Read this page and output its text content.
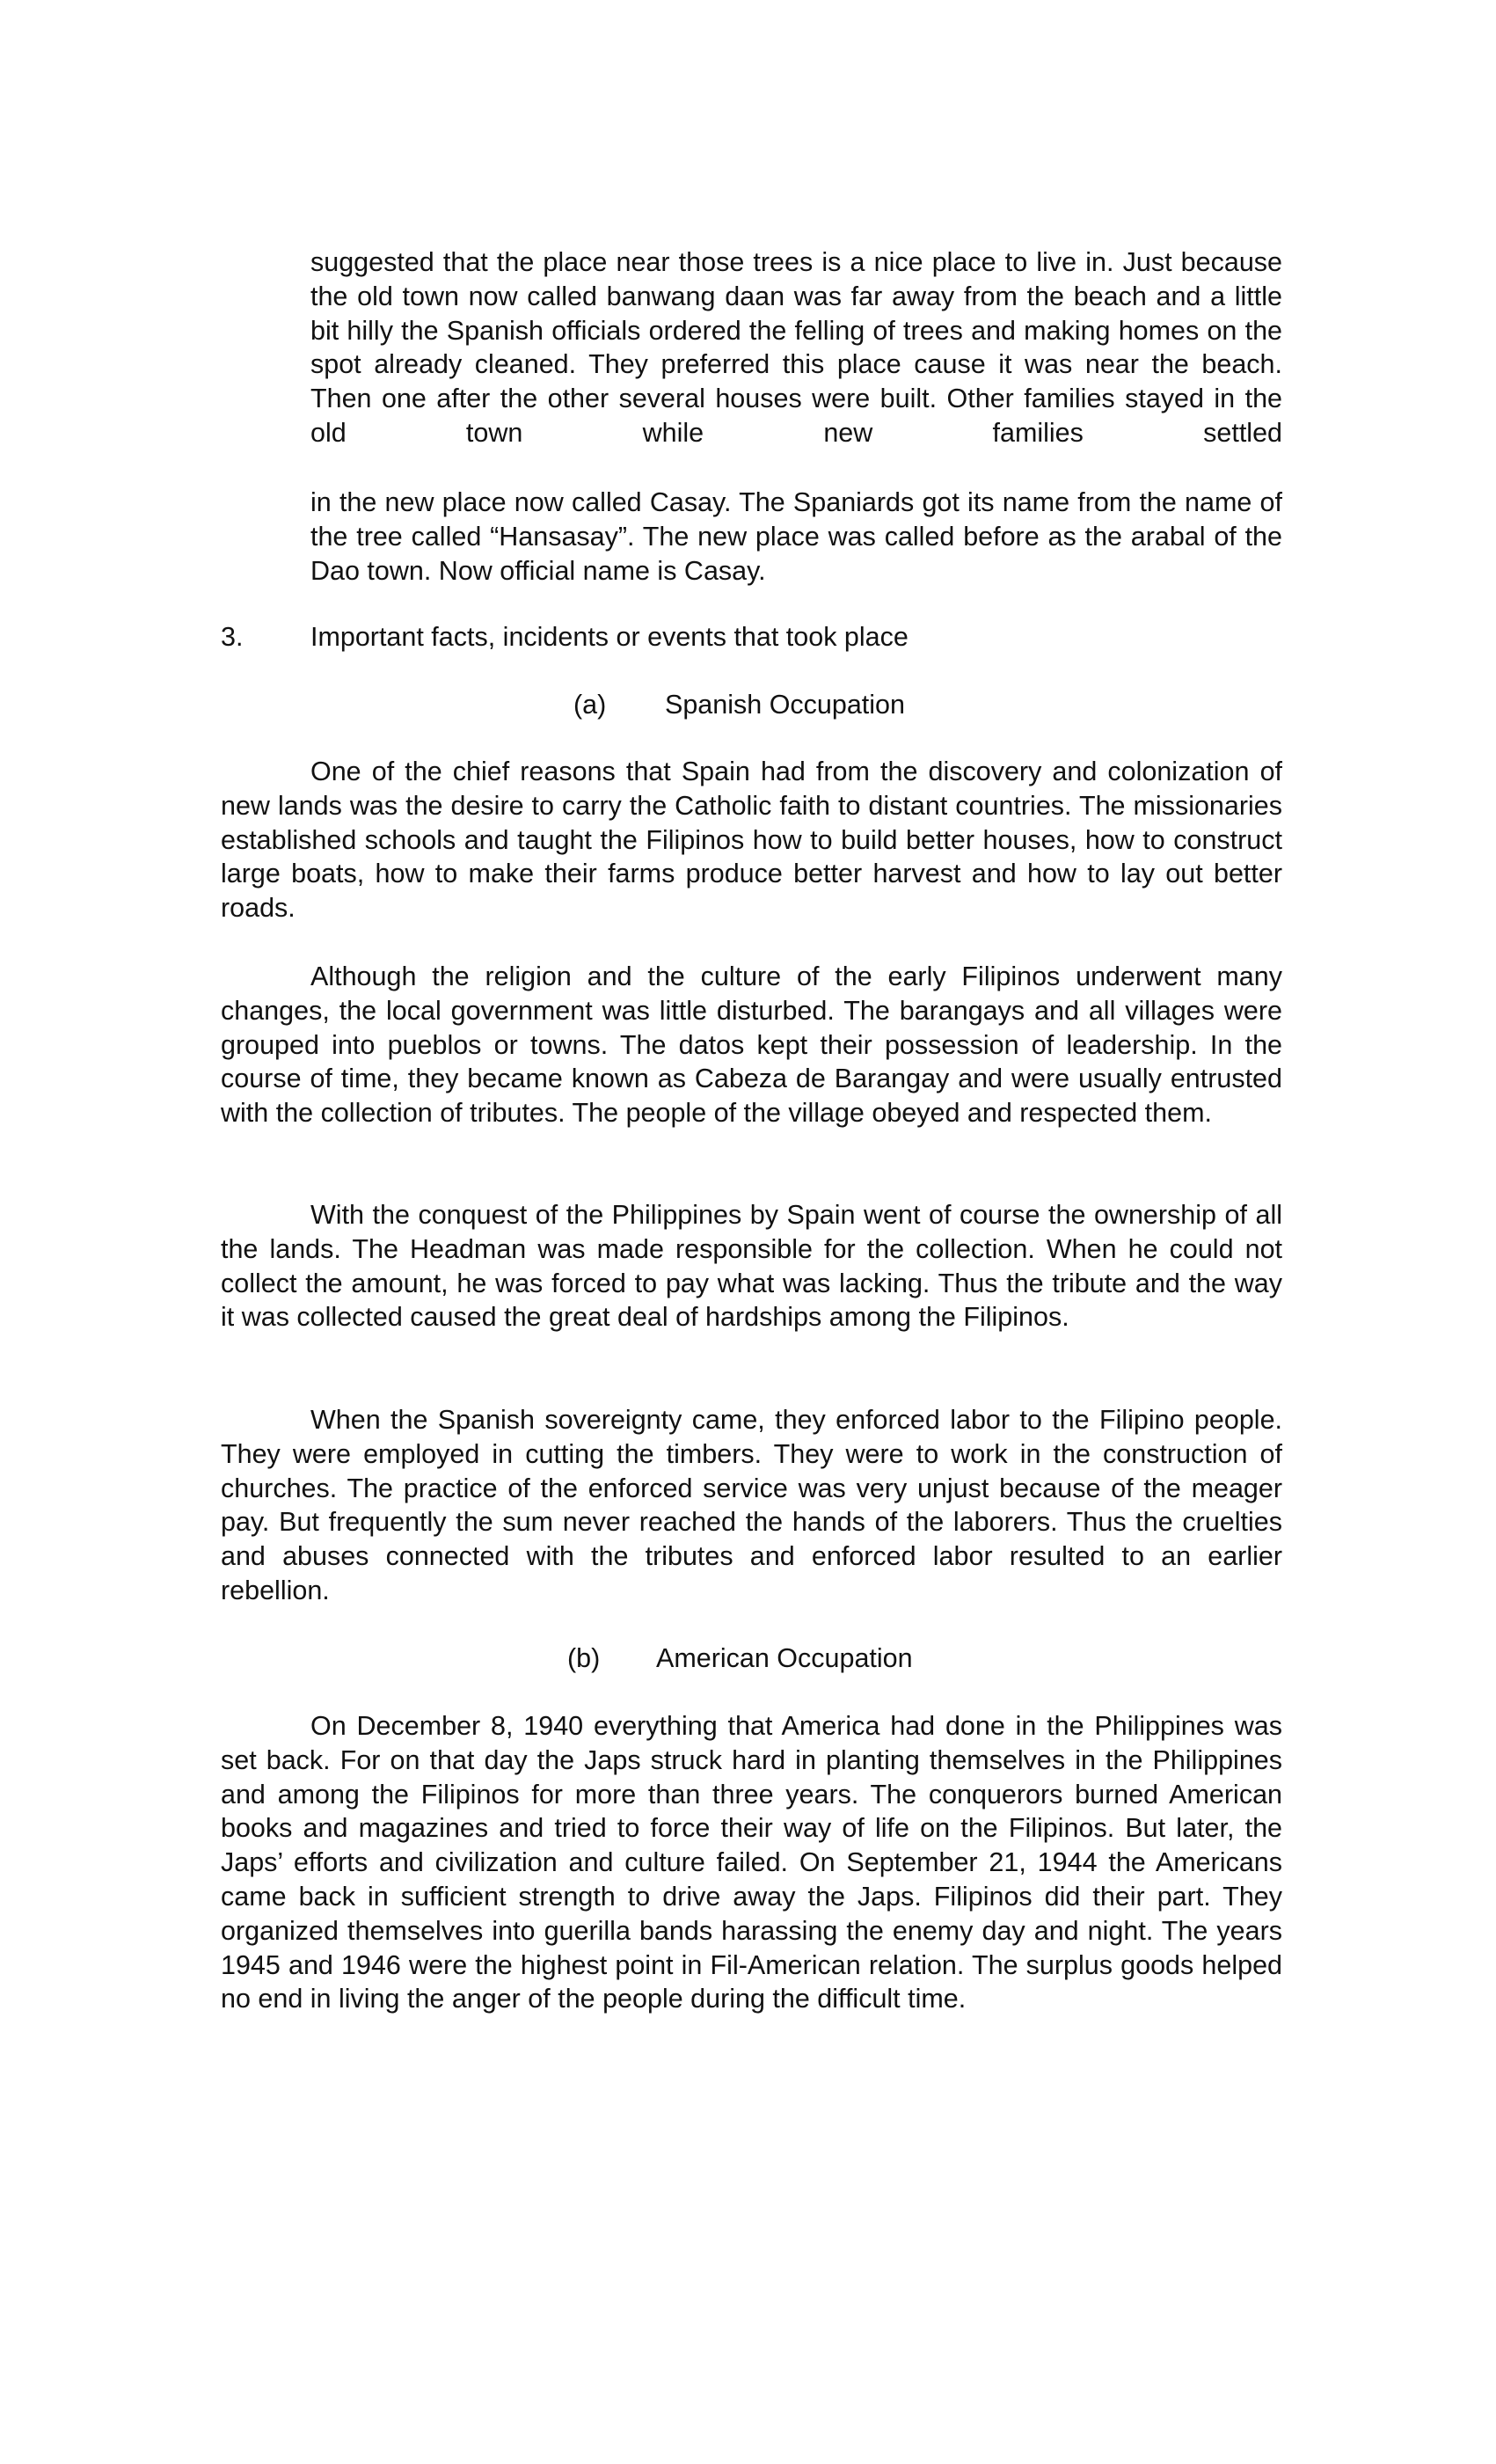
suggested that the place near those trees is a nice place to live in. Just because the old town now called banwang daan was far away from the beach and a little bit hilly the Spanish officials ordered the felling of trees and making homes on the spot already cleaned. They preferred this place cause it was near the beach. Then one after the other several houses were built. Other families stayed in the old town while new families settled

in the new place now called Casay. The Spaniards got its name from the name of the tree called “Hansasay”. The new place was called before as the arabal of the Dao town. Now official name is Casay.

3.	Important facts, incidents or events that took place
(a) Spanish Occupation

One of the chief reasons that Spain had from the discovery and colonization of new lands was the desire to carry the Catholic faith to distant countries. The missionaries established schools and taught the Filipinos how to build better houses, how to construct large boats, how to make their farms produce better harvest and how to lay out better roads.

Although the religion and the culture of the early Filipinos underwent many changes, the local government was little disturbed. The barangays and all villages were grouped into pueblos or towns. The datos kept their possession of leadership. In the course of time, they became known as Cabeza de Barangay and were usually entrusted with the collection of tributes. The people of the village obeyed and respected them.

With the conquest of the Philippines by Spain went of course the ownership of all the lands. The Headman was made responsible for the collection. When he could not collect the amount, he was forced to pay what was lacking. Thus the tribute and the way it was collected caused the great deal of hardships among the Filipinos.

When the Spanish sovereignty came, they enforced labor to the Filipino people. They were employed in cutting the timbers. They were to work in the construction of churches. The practice of the enforced service was very unjust because of the meager pay. But frequently the sum never reached the hands of the laborers. Thus the cruelties and abuses connected with the tributes and enforced labor resulted to an earlier rebellion.

(b) American Occupation

On December 8, 1940 everything that America had done in the Philippines was set back. For on that day the Japs struck hard in planting themselves in the Philippines and among the Filipinos for more than three years. The conquerors burned American books and magazines and tried to force their way of life on the Filipinos. But later, the Japs’ efforts and civilization and culture failed. On September 21, 1944 the Americans came back in sufficient strength to drive away the Japs. Filipinos did their part. They organized themselves into guerilla bands harassing the enemy day and night. The years 1945 and 1946 were the highest point in Fil-American relation. The surplus goods helped no end in living the anger of the people during the difficult time.
